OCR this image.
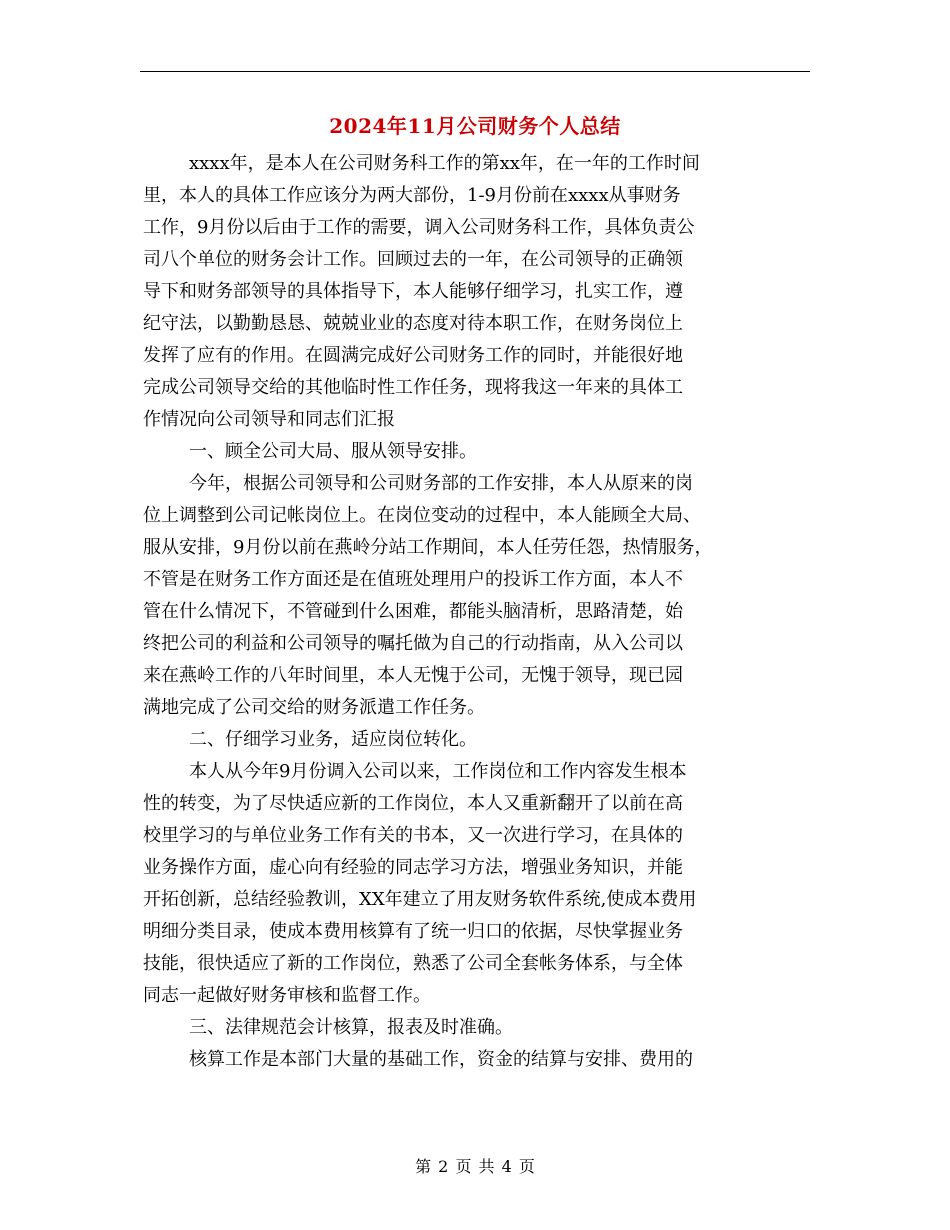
2024年11月公司财务个人总结
xxxx年，是本人在公司财务科工作的第xx年，在一年的工作时间
里，本人的具体工作应该分为两大部份，1-9月份前在xxxx从事财务
工作，9月份以后由于工作的需要，调入公司财务科工作，具体负责公
司八个单位的财务会计工作。回顾过去的一年，在公司领导的正确领
导下和财务部领导的具体指导下，本人能够仔细学习，扎实工作，遵
纪守法，以勤勤恳恳、兢兢业业的态度对待本职工作，在财务岗位上
发挥了应有的作用。在圆满完成好公司财务工作的同时，并能很好地
完成公司领导交给的其他临时性工作任务，现将我这一年来的具体工
作情况向公司领导和同志们汇报
一、顾全公司大局、服从领导安排。
今年，根据公司领导和公司财务部的工作安排，本人从原来的岗
位上调整到公司记帐岗位上。在岗位变动的过程中，本人能顾全大局、
服从安排，9月份以前在燕岭分站工作期间，本人任劳任怨，热情服务，
不管是在财务工作方面还是在值班处理用户的投诉工作方面，本人不
管在什么情况下，不管碰到什么困难，都能头脑清析，思路清楚，始
终把公司的利益和公司领导的嘱托做为自己的行动指南，从入公司以
来在燕岭工作的八年时间里，本人无愧于公司，无愧于领导，现已园
满地完成了公司交给的财务派遣工作任务。
二、仔细学习业务，适应岗位转化。
本人从今年9月份调入公司以来，工作岗位和工作内容发生根本
性的转变，为了尽快适应新的工作岗位，本人又重新翻开了以前在高
校里学习的与单位业务工作有关的书本，又一次进行学习，在具体的
业务操作方面，虚心向有经验的同志学习方法，增强业务知识，并能
开拓创新，总结经验教训，XX年建立了用友财务软件系统,使成本费用
明细分类目录，使成本费用核算有了统一归口的依据，尽快掌握业务
技能，很快适应了新的工作岗位，熟悉了公司全套帐务体系，与全体
同志一起做好财务审核和监督工作。
三、法律规范会计核算，报表及时准确。
核算工作是本部门大量的基础工作，资金的结算与安排、费用的
第 2 页 共 4 页
